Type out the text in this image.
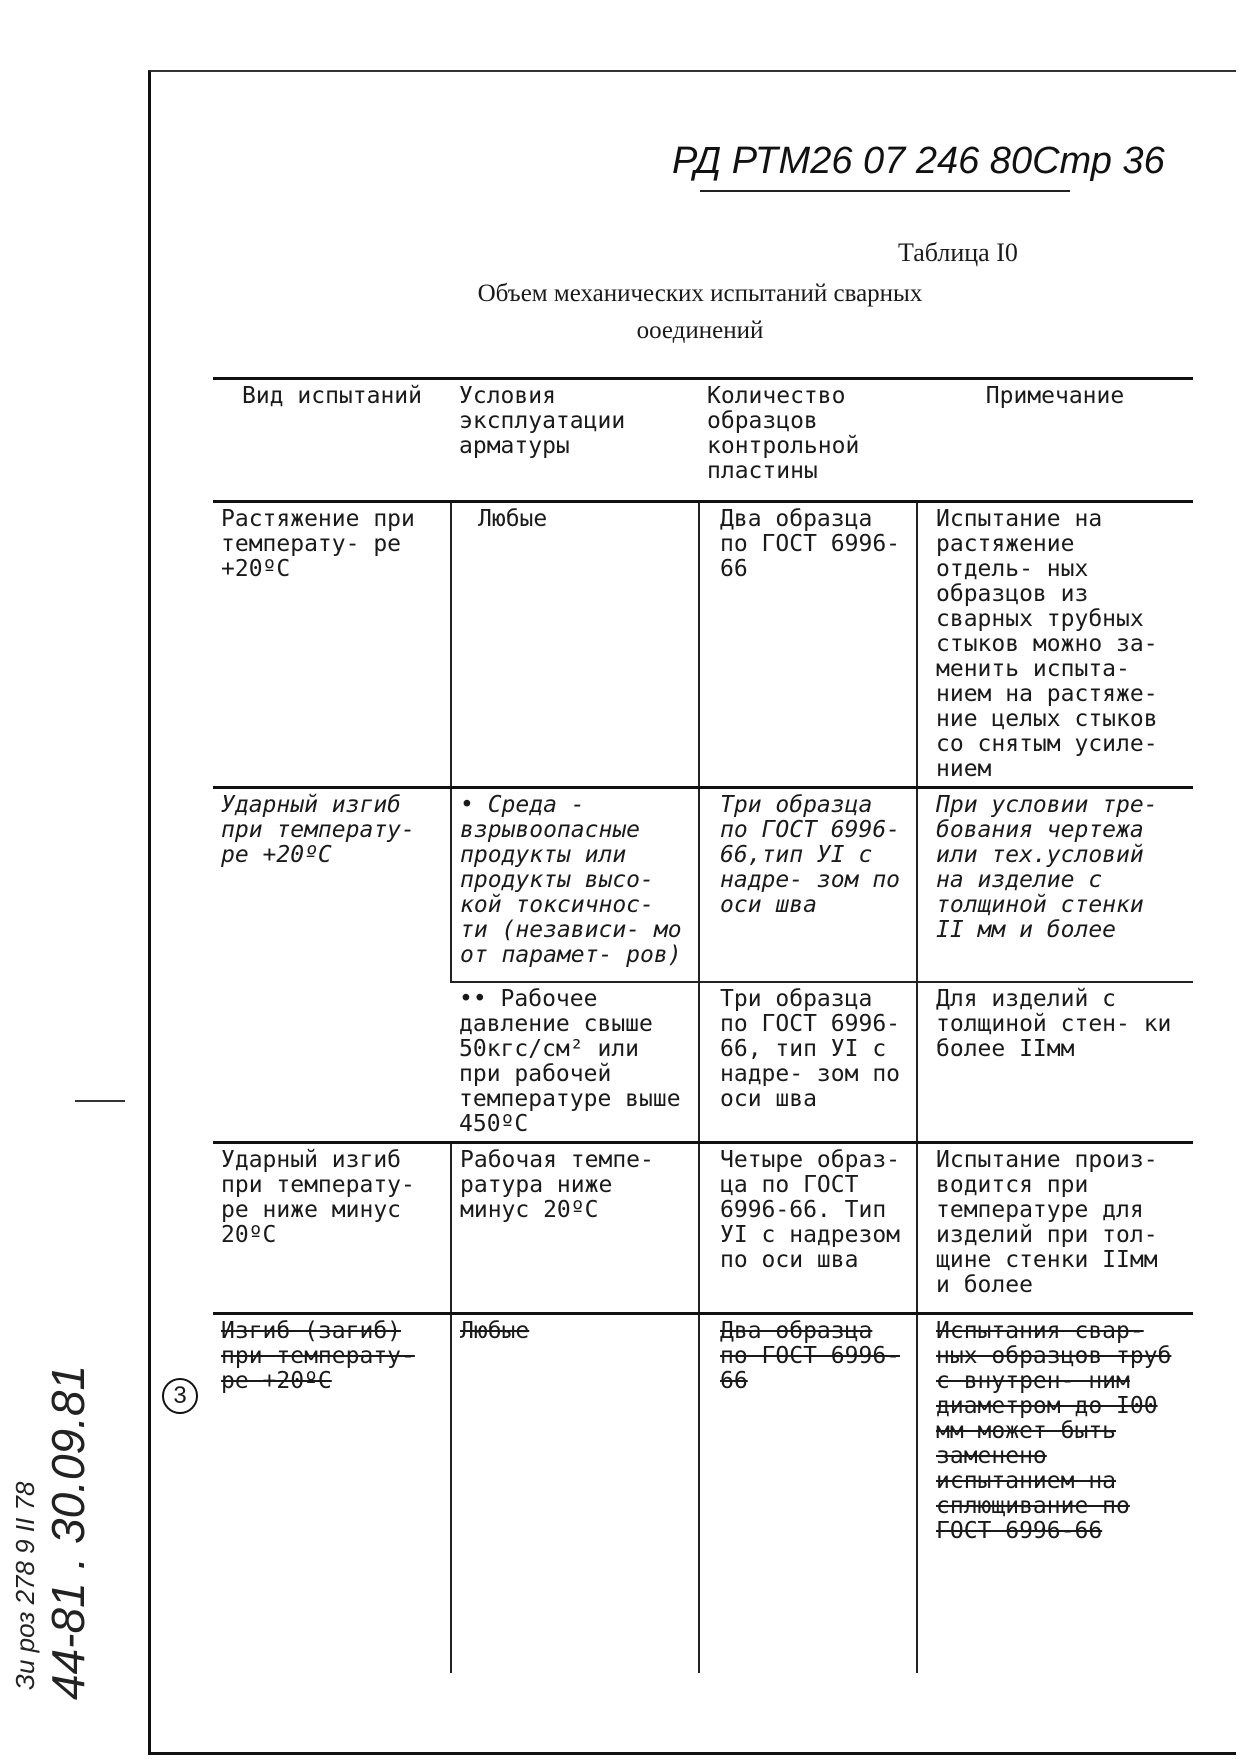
РД РТМ26 07 246 80Стр 36
Таблица I0
Объем механических испытаний сварных
ооединений
Вид испытаний	Условия эксплуатации арматуры	Количество образцов контрольной пластины	Примечание
Растяжение при температу- ре +20ºС	Любые	Два образца по ГОСТ 6996-66	Испытание на растяжение отдель- ных образцов из сварных трубных стыков можно за- менить испыта- нием на растяже- ние целых стыков со снятым усиле- нием
Ударный изгиб при температу- ре +20ºС	• Среда - взрывоопасные продукты или продукты высо- кой токсичнос- ти (независи- мо от парамет- ров)	Три образца по ГОСТ 6996-66,тип УI с надре- зом по оси шва	При условии тре- бования чертежа или тех.условий на изделие с толщиной стенки II мм и более
	•• Рабочее давление свыше 50кгс/см² или при рабочей температуре выше 450ºС	Три образца по ГОСТ 6996-66, тип УI с надре- зом по оси шва	Для изделий с толщиной стен- ки более IIмм
Ударный изгиб при температу- ре ниже минус 20ºС	Рабочая темпе- ратура ниже минус 20ºС	Четыре образ- ца по ГОСТ 6996-66. Тип УI с надрезом по оси шва	Испытание произ- водится при температуре для изделий при тол- щине стенки IIмм и более
Изгиб (загиб) при температу- ре +20ºС	Любые	Два образца по ГОСТ 6996-66	Испытания свар- ных образцов труб с внутрен- ним диаметром до I00 мм может быть заменено испытанием на сплющивание по ГОСТ 6996-66
3
Зи роз 278 9 II 78 44-81 . 30.09.81
